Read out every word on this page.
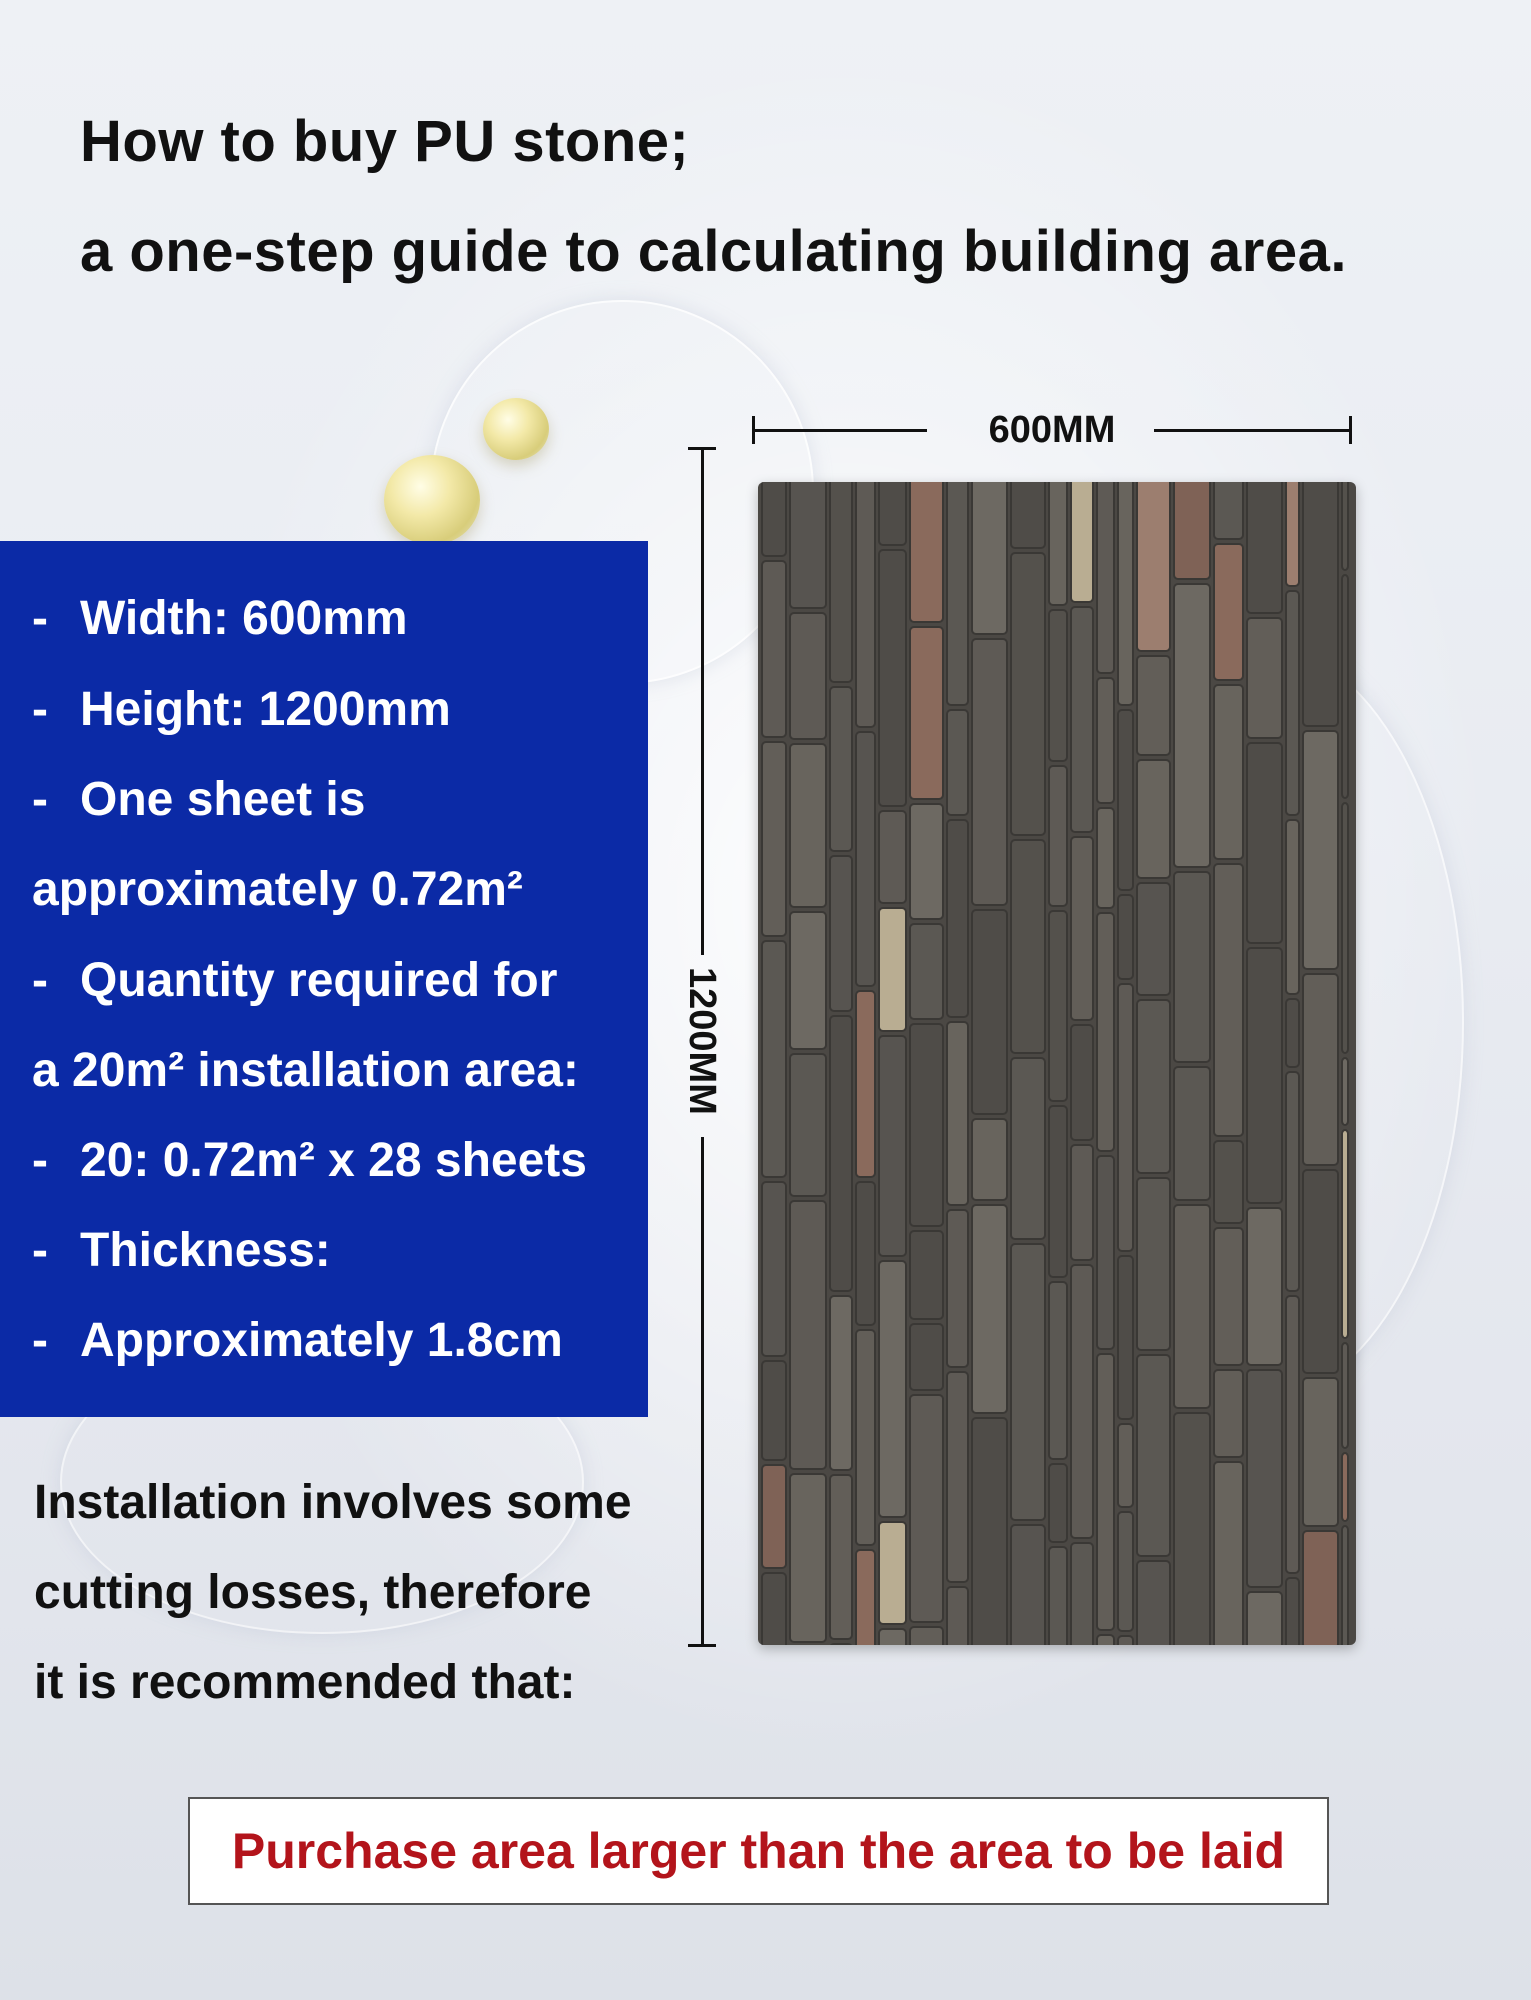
How to buy PU stone;
a one-step guide to calculating building area.
600MM
1200MM
- Width: 600mm
- Height: 1200mm
- One sheet is
approximately 0.72m²
- Quantity required for
a 20m² installation area:
- 20: 0.72m² x 28 sheets
- Thickness:
- Approximately 1.8cm
Installation involves some
cutting losses, therefore
it is recommended that:
Purchase area larger than the area to be laid
